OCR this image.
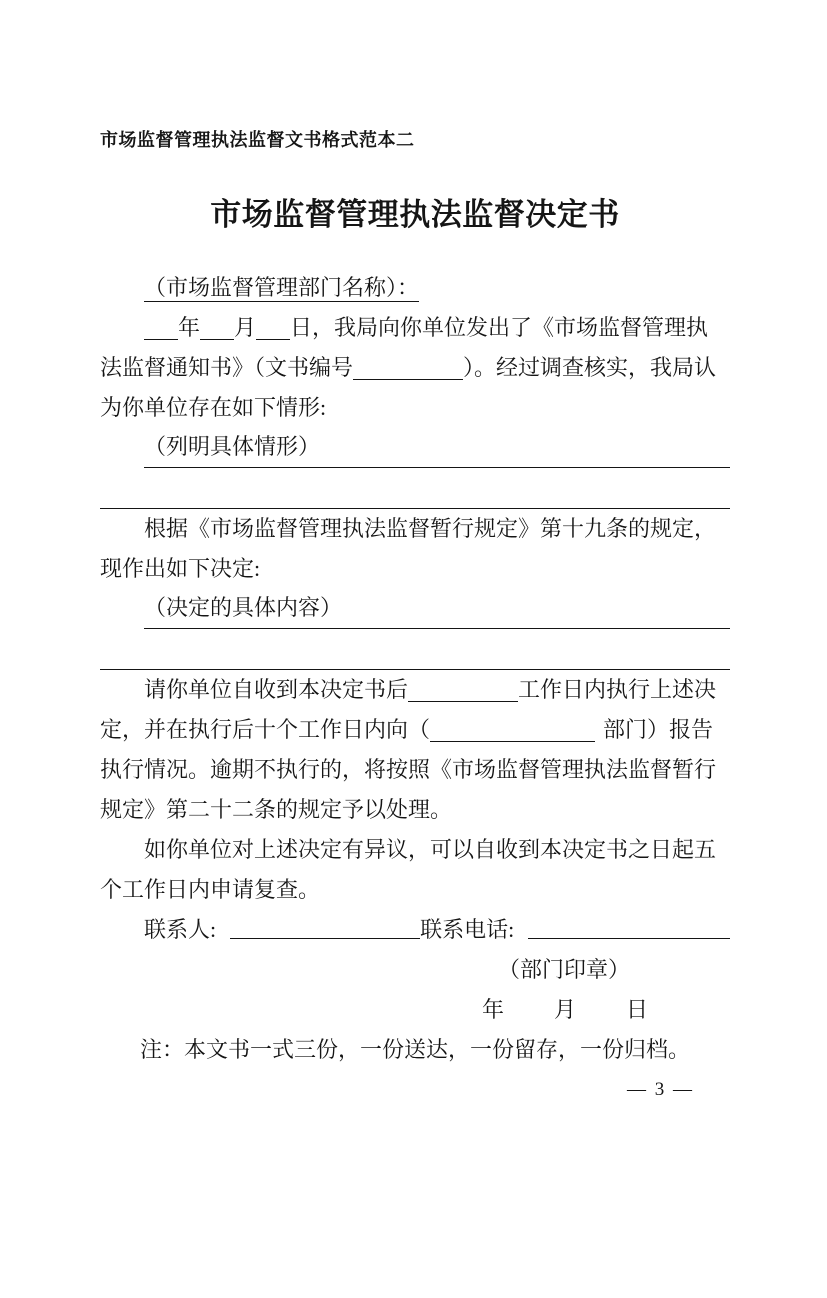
市场监督管理执法监督文书格式范本二
市场监督管理执法监督决定书
（市场监督管理部门名称）：
年 月 日，我局向你单位发出了《市场监督管理执
法监督通知书》（文书编号	）。经过调查核实，我局认
为你单位存在如下情形:
（列明具体情形）
根据《市场监督管理执法监督暂行规定》第十九条的规定，
现作出如下决定:
（决定的具体内容）
请你单位自收到本决定书后	工作日内执行上述决
定，并在执行后十个工作日内向（	部门）报告
执行情况。逾期不执行的，将按照《市场监督管理执法监督暂行
规定》第二十二条的规定予以处理。
如你单位对上述决定有异议，可以自收到本决定书之日起五
个工作日内申请复查。
联系人:	联系电话:
（部门印章）
年　　月　　日
注：本文书一式三份，一份送达，一份留存，一份归档。
— 3 —
